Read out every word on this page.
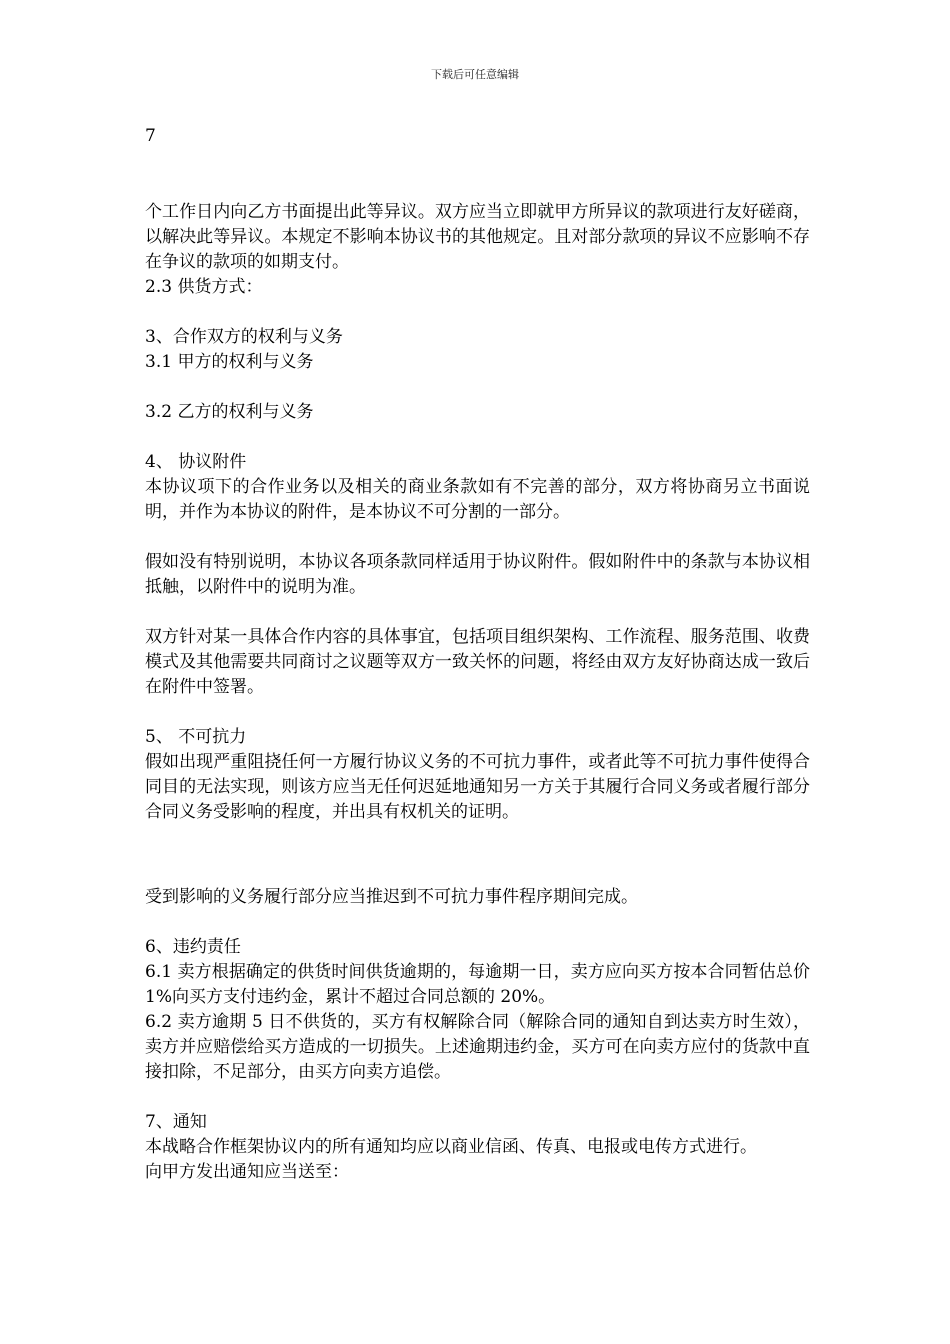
下载后可任意编辑
7

个工作日内向乙方书面提出此等异议。双方应当立即就甲方所异议的款项进行友好磋商，以解决此等异议。本规定不影响本协议书的其他规定。且对部分款项的异议不应影响不存在争议的款项的如期支付。

2.3 供货方式：

3、合作双方的权利与义务

3.1 甲方的权利与义务

3.2 乙方的权利与义务

4、 协议附件

本协议项下的合作业务以及相关的商业条款如有不完善的部分，双方将协商另立书面说明，并作为本协议的附件，是本协议不可分割的一部分。

假如没有特别说明，本协议各项条款同样适用于协议附件。假如附件中的条款与本协议相抵触，以附件中的说明为准。

双方针对某一具体合作内容的具体事宜，包括项目组织架构、工作流程、服务范围、收费模式及其他需要共同商讨之议题等双方一致关怀的问题，将经由双方友好协商达成一致后在附件中签署。

5、 不可抗力

假如出现严重阻挠任何一方履行协议义务的不可抗力事件，或者此等不可抗力事件使得合同目的无法实现，则该方应当无任何迟延地通知另一方关于其履行合同义务或者履行部分合同义务受影响的程度，并出具有权机关的证明。

受到影响的义务履行部分应当推迟到不可抗力事件程序期间完成。

6、违约责任

6.1 卖方根据确定的供货时间供货逾期的，每逾期一日，卖方应向买方按本合同暂估总价 1%向买方支付违约金，累计不超过合同总额的 20%。

6.2 卖方逾期 5 日不供货的，买方有权解除合同（解除合同的通知自到达卖方时生效），卖方并应赔偿给买方造成的一切损失。上述逾期违约金，买方可在向卖方应付的货款中直接扣除，不足部分，由买方向卖方追偿。

7、通知

本战略合作框架协议内的所有通知均应以商业信函、传真、电报或电传方式进行。

向甲方发出通知应当送至：
